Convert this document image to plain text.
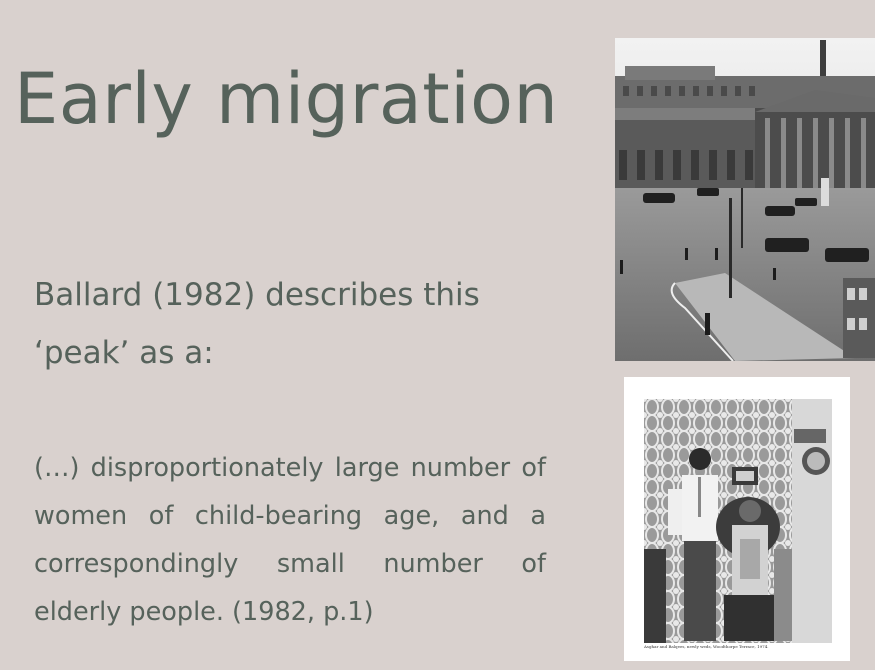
Early migration
Ballard (1982) describes this
‘peak’ as a:
(…) disproportionately large number of women of child-bearing age, and a correspondingly small number of elderly people. (1982, p.1)
Asghar and Balqees, newly weds, Woodthorpe Terrace, 1974.
